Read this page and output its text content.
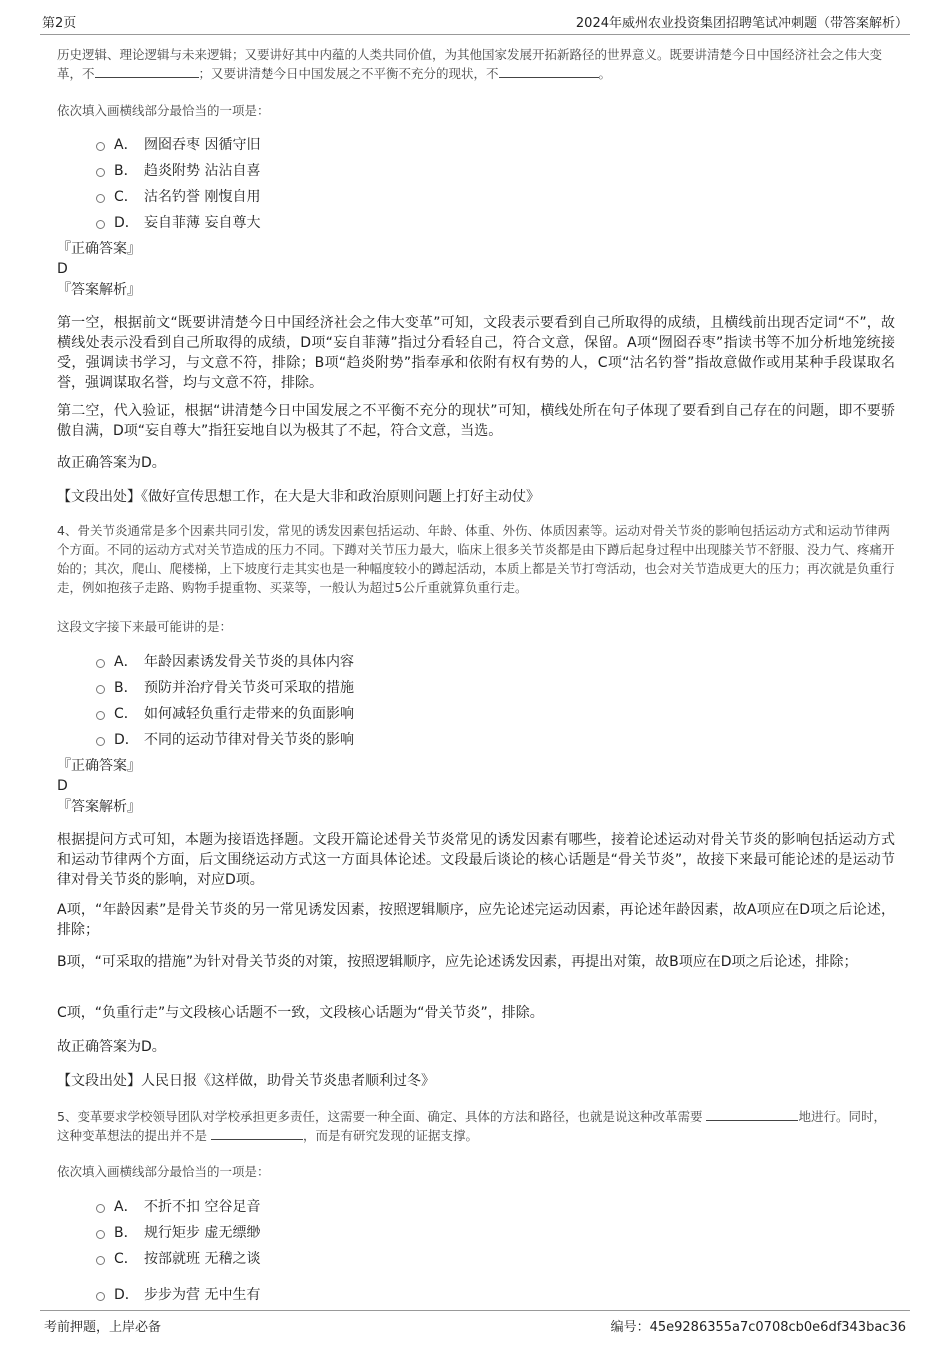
第2页	2024年威州农业投资集团招聘笔试冲刺题（带答案解析）

历史逻辑、理论逻辑与未来逻辑；又要讲好其中内蕴的人类共同价值，为其他国家发展开拓新路径的世界意义。既要讲清楚今日中国经济社会之伟大变革，不	；又要讲清楚今日中国发展之不平衡不充分的现状，不	。

依次填入画横线部分最恰当的一项是：

A． 囫囵吞枣 因循守旧
B． 趋炎附势 沾沾自喜
C． 沽名钓誉 刚愎自用
D． 妄自菲薄 妄自尊大
『正确答案』
D
『答案解析』

第一空，根据前文“既要讲清楚今日中国经济社会之伟大变革”可知，文段表示要看到自己所取得的成绩，且横线前出现否定词“不”，故横线处表示没看到自己所取得的成绩，D项“妄自菲薄”指过分看轻自己，符合文意，保留。A项“囫囵吞枣”指读书等不加分析地笼统接受，强调读书学习，与文意不符，排除；B项“趋炎附势”指奉承和依附有权有势的人，C项“沽名钓誉”指故意做作或用某种手段谋取名誉，强调谋取名誉，均与文意不符，排除。

第二空，代入验证，根据“讲清楚今日中国发展之不平衡不充分的现状”可知，横线处所在句子体现了要看到自己存在的问题，即不要骄傲自满，D项“妄自尊大”指狂妄地自以为极其了不起，符合文意，当选。

故正确答案为D。

【文段出处】《做好宣传思想工作，在大是大非和政治原则问题上打好主动仗》

4、骨关节炎通常是多个因素共同引发，常见的诱发因素包括运动、年龄、体重、外伤、体质因素等。运动对骨关节炎的影响包括运动方式和运动节律两个方面。不同的运动方式对关节造成的压力不同。下蹲对关节压力最大，临床上很多关节炎都是由下蹲后起身过程中出现膝关节不舒服、没力气、疼痛开始的；其次，爬山、爬楼梯，上下坡度行走其实也是一种幅度较小的蹲起活动，本质上都是关节打弯活动，也会对关节造成更大的压力；再次就是负重行走，例如抱孩子走路、购物手提重物、买菜等，一般认为超过5公斤重就算负重行走。

这段文字接下来最可能讲的是：

A． 年龄因素诱发骨关节炎的具体内容
B． 预防并治疗骨关节炎可采取的措施
C． 如何减轻负重行走带来的负面影响
D． 不同的运动节律对骨关节炎的影响
『正确答案』
D
『答案解析』

根据提问方式可知，本题为接语选择题。文段开篇论述骨关节炎常见的诱发因素有哪些，接着论述运动对骨关节炎的影响包括运动方式和运动节律两个方面，后文围绕运动方式这一方面具体论述。文段最后谈论的核心话题是“骨关节炎”，故接下来最可能论述的是运动节律对骨关节炎的影响，对应D项。

A项，“年龄因素”是骨关节炎的另一常见诱发因素，按照逻辑顺序，应先论述完运动因素，再论述年龄因素，故A项应在D项之后论述，排除；

B项，“可采取的措施”为针对骨关节炎的对策，按照逻辑顺序，应先论述诱发因素，再提出对策，故B项应在D项之后论述，排除；

C项，“负重行走”与文段核心话题不一致，文段核心话题为“骨关节炎”，排除。

故正确答案为D。

【文段出处】人民日报《这样做，助骨关节炎患者顺利过冬》

5、变革要求学校领导团队对学校承担更多责任，这需要一种全面、确定、具体的方法和路径，也就是说这种改革需要	地进行。同时，这种变革想法的提出并不是	，而是有研究发现的证据支撑。

依次填入画横线部分最恰当的一项是：

A． 不折不扣 空谷足音
B． 规行矩步 虚无缥缈
C． 按部就班 无稽之谈
D． 步步为营 无中生有
考前押题，上岸必备	编号：45e9286355a7c0708cb0e6df343bac36
